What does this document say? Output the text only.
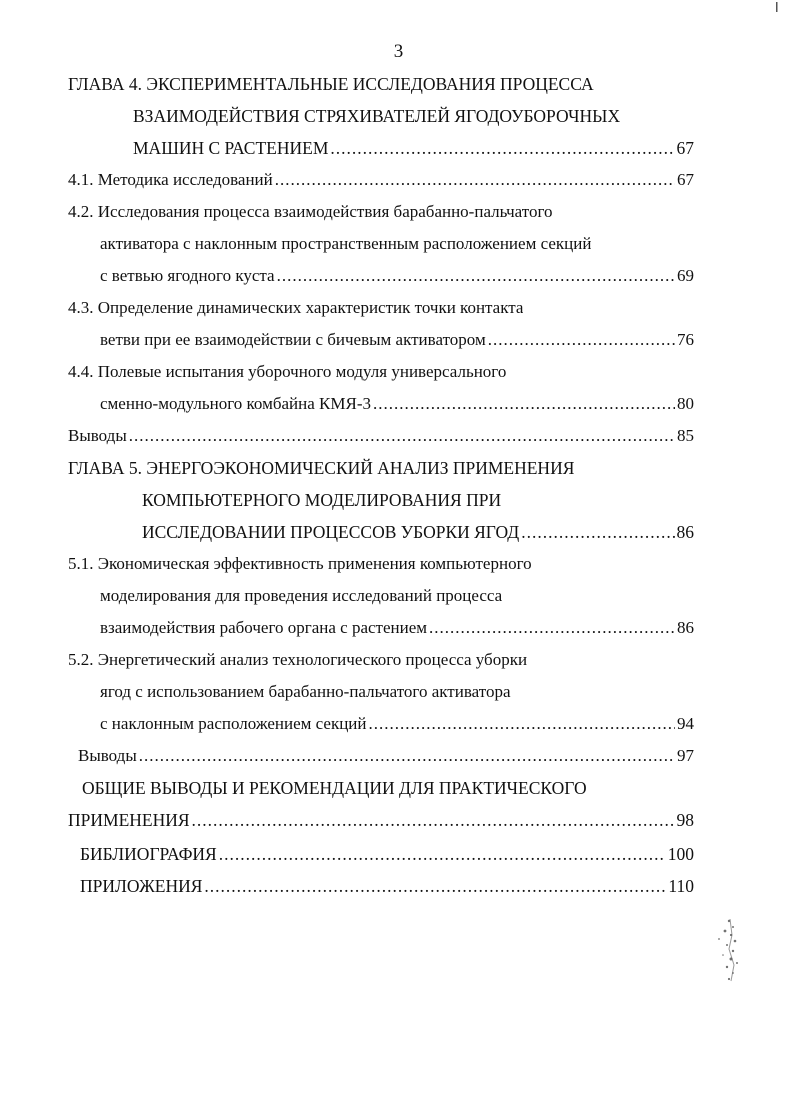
3
ГЛАВА 4. ЭКСПЕРИМЕНТАЛЬНЫЕ ИССЛЕДОВАНИЯ ПРОЦЕССА
ВЗАИМОДЕЙСТВИЯ СТРЯХИВАТЕЛЕЙ ЯГОДОУБОРОЧНЫХ
МАШИН С РАСТЕНИЕМ .....	67
4.1. Методика исследований .....	67
4.2. Исследования процесса взаимодействия барабанно-пальчатого
активатора с наклонным пространственным расположением секций
с ветвью ягодного куста .....	69
4.3. Определение динамических характеристик точки контакта
ветви при ее взаимодействии с бичевым активатором .....	76
4.4. Полевые испытания уборочного модуля универсального
сменно-модульного комбайна КМЯ-3 .....	80
Выводы .....	85
ГЛАВА 5. ЭНЕРГОЭКОНОМИЧЕСКИЙ АНАЛИЗ ПРИМЕНЕНИЯ
КОМПЬЮТЕРНОГО МОДЕЛИРОВАНИЯ ПРИ
ИССЛЕДОВАНИИ ПРОЦЕССОВ УБОРКИ ЯГОД .....	86
5.1. Экономическая эффективность применения компьютерного
моделирования для проведения исследований процесса
взаимодействия рабочего органа с растением .....	86
5.2. Энергетический анализ технологического процесса уборки
ягод с использованием барабанно-пальчатого активатора
с наклонным расположением секций .....	94
Выводы .....	97
ОБЩИЕ ВЫВОДЫ И РЕКОМЕНДАЦИИ ДЛЯ ПРАКТИЧЕСКОГО
ПРИМЕНЕНИЯ .....	98
БИБЛИОГРАФИЯ .....	100
ПРИЛОЖЕНИЯ .....	110
